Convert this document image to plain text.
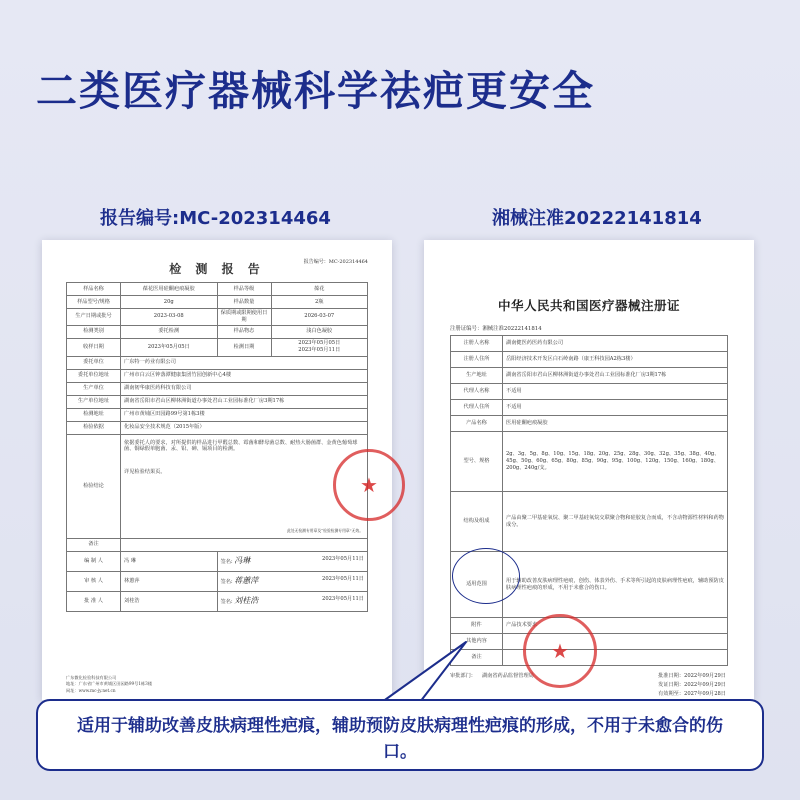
二类医疗器械科学祛疤更安全
报告编号:MC-202314464	湘械注准20222141814
检 测 报 告	报告编号：MC-202314464
样品名称	葆花医用硅酮疤痕凝胶	样品等级	葆花
样品型号/规格	20g	样品数量	2瓶
生产日期或批号	2023-03-08	保质期或限期使用日期	2026-03-07
检测类别	委托检测	样品物态	浅白色凝胶
收样日期	2023年05月05日	检测日期	2023年05月05日
2023年05月11日
委托单位	广东特一药业有限公司		
委托单位地址	广州市白云区钟落潭健康集团竹园创新中心4楼		
生产单位	湖南韧华康医药科技有限公司		
生产单位地址	湖南省岳阳市君山区柳林洲街道办事处君山工业园标准化厂房3期17栋		
检测地址	广州市黄埔区田园路99号第1栋3楼		
检验依据	化妆品安全技术规范（2015年版）		
检验结论	依据委托人的要求，对所提供的样品进行甲醛总数、霉菌和酵母菌总数、耐热大肠菌群、金黄色葡萄球菌、铜绿假单胞菌、汞、铅、砷、镉项目的检测。
详见检验结果页。
此处无检测专用章及“检验检测专用章”无效。		

备注			
编 制 人	冯 琳	签名: 冯琳 2023年05月11日	

审 核 人	林蕙萍	签名: 蒋蕙萍 2023年05月11日	

批 准 人	刘桂浩	签名: 刘桂浩 2023年05月11日	
广东微化检验科技有限公司
地址：广东省广州市黄埔区田园路99号1栋3楼
网址：www.mc-jy.net.cn
中华人民共和国医疗器械注册证
注册证编号：湘械注准20222141814
注册人名称	湖南健医药医药有限公司
注册人住所	岳阳经济技术开发区白石岭南路（康王科技园A2栋3楼）
生产地址	湖南省岳阳市君山区柳林洲街道办事处君山工业园标准化厂房3期17栋
代理人名称	不适用
代理人住所	不适用
产品名称	医用硅酮疤痕凝胶
型号、规格	2g、3g、5g、8g、10g、15g、18g、20g、25g、28g、30g、32g、35g、38g、40g、45g、50g、60g、65g、80g、85g、90g、95g、100g、120g、150g、160g、180g、200g、240g/支。
结构及组成	产品由聚二甲基硅氧烷、聚二甲基硅氧烷交联聚合物和硅胶复合而成，不含动物源性材料和药物成分。
适用范围	用于辅助改善皮肤病理性疤痕，创伤、体表外伤、手术等所引起的皮肤病理性疤痕，辅助预防皮肤病理性疤痕的形成，不用于未愈合的伤口。
附件	产品技术要求
其他内容	
备注	
审批部门： 湖南省药品监督管理局	批准日期：2022年09月29日
发证日期：2022年09月29日
有效期至：2027年09月28日
★
★

适用于辅助改善皮肤病理性疤痕，辅助预防皮肤病理性疤痕的形成，不用于未愈合的伤口。
